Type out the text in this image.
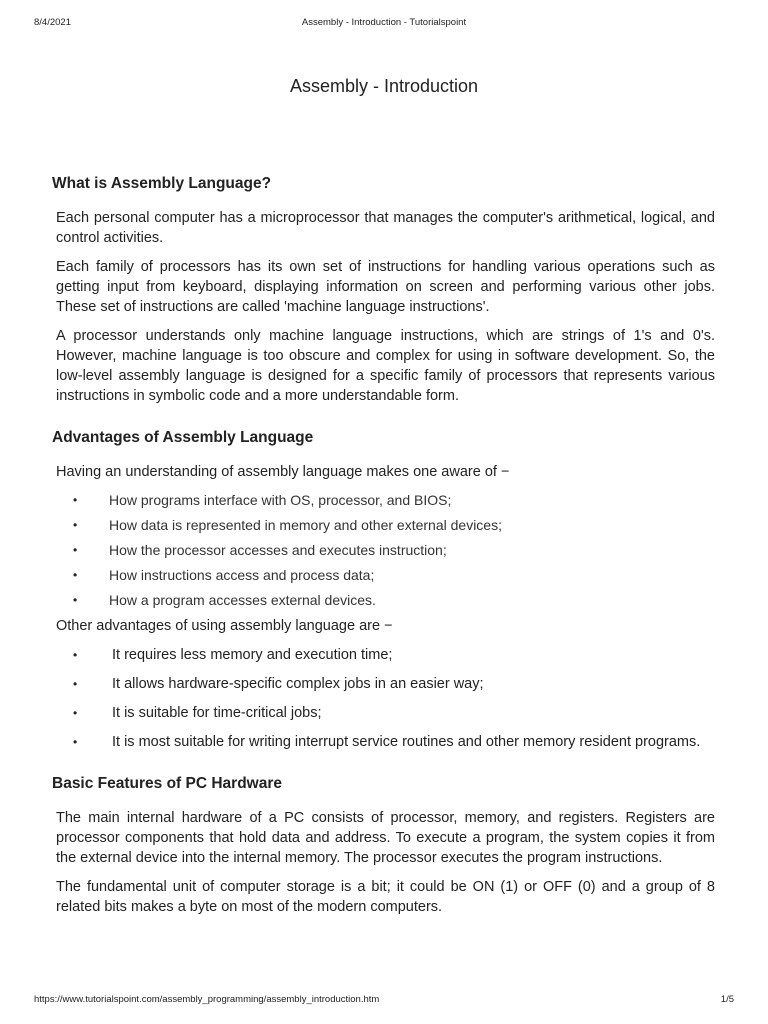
8/4/2021	Assembly - Introduction - Tutorialspoint
Assembly - Introduction
What is Assembly Language?

Each personal computer has a microprocessor that manages the computer's arithmetical, logical, and control activities.

Each family of processors has its own set of instructions for handling various operations such as getting input from keyboard, displaying information on screen and performing various other jobs. These set of instructions are called 'machine language instructions'.

A processor understands only machine language instructions, which are strings of 1's and 0's. However, machine language is too obscure and complex for using in software development. So, the low-level assembly language is designed for a specific family of processors that represents various instructions in symbolic code and a more understandable form.

Advantages of Assembly Language

Having an understanding of assembly language makes one aware of −

• How programs interface with OS, processor, and BIOS;
• How data is represented in memory and other external devices;
• How the processor accesses and executes instruction;
• How instructions access and process data;
• How a program accesses external devices.

Other advantages of using assembly language are −

• It requires less memory and execution time;
• It allows hardware-specific complex jobs in an easier way;
• It is suitable for time-critical jobs;
• It is most suitable for writing interrupt service routines and other memory resident programs.
Basic Features of PC Hardware

The main internal hardware of a PC consists of processor, memory, and registers. Registers are processor components that hold data and address. To execute a program, the system copies it from the external device into the internal memory. The processor executes the program instructions.

The fundamental unit of computer storage is a bit; it could be ON (1) or OFF (0) and a group of 8 related bits makes a byte on most of the modern computers.

https://www.tutorialspoint.com/assembly_programming/assembly_introduction.htm	1/5
